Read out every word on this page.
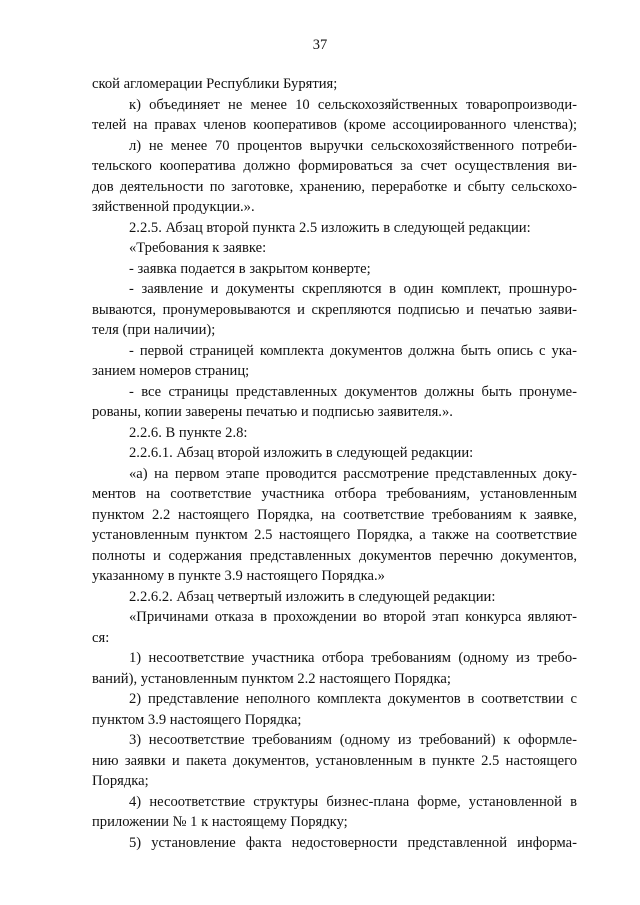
37
ской агломерации Республики Бурятия;
к) объединяет не менее 10 сельскохозяйственных товаропроизводи-
телей на правах членов кооперативов (кроме ассоциированного членства);
л) не менее 70 процентов выручки сельскохозяйственного потреби-
тельского кооператива должно формироваться за счет осуществления ви-
дов деятельности по заготовке, хранению, переработке и сбыту сельскохо-
зяйственной продукции.».
2.2.5. Абзац второй пункта 2.5 изложить в следующей редакции:
«Требования к заявке:
- заявка подается в закрытом конверте;
- заявление и документы скрепляются в один комплект, прошнуро-
вываются, пронумеровываются и скрепляются подписью и печатью заяви-
теля (при наличии);
- первой страницей комплекта документов должна быть опись с ука-
занием номеров страниц;
- все страницы представленных документов должны быть пронуме-
рованы, копии заверены печатью и подписью заявителя.».
2.2.6. В пункте 2.8:
2.2.6.1. Абзац второй изложить в следующей редакции:
«а) на первом этапе проводится рассмотрение представленных доку-
ментов на соответствие участника отбора требованиям, установленным
пунктом 2.2 настоящего Порядка, на соответствие требованиям к заявке,
установленным пунктом 2.5 настоящего Порядка, а также на соответствие
полноты и содержания представленных документов перечню документов,
указанному в пункте 3.9 настоящего Порядка.»
2.2.6.2. Абзац четвертый изложить в следующей редакции:
«Причинами отказа в прохождении во второй этап конкурса являют-
ся:
1) несоответствие участника отбора требованиям (одному из требо-
ваний), установленным пунктом 2.2 настоящего Порядка;
2) представление неполного комплекта документов в соответствии с
пунктом 3.9 настоящего Порядка;
3) несоответствие требованиям (одному из требований) к оформле-
нию заявки и пакета документов, установленным в пункте 2.5 настоящего
Порядка;
4) несоответствие структуры бизнес-плана форме, установленной в
приложении № 1 к настоящему Порядку;
5) установление факта недостоверности представленной информа-
